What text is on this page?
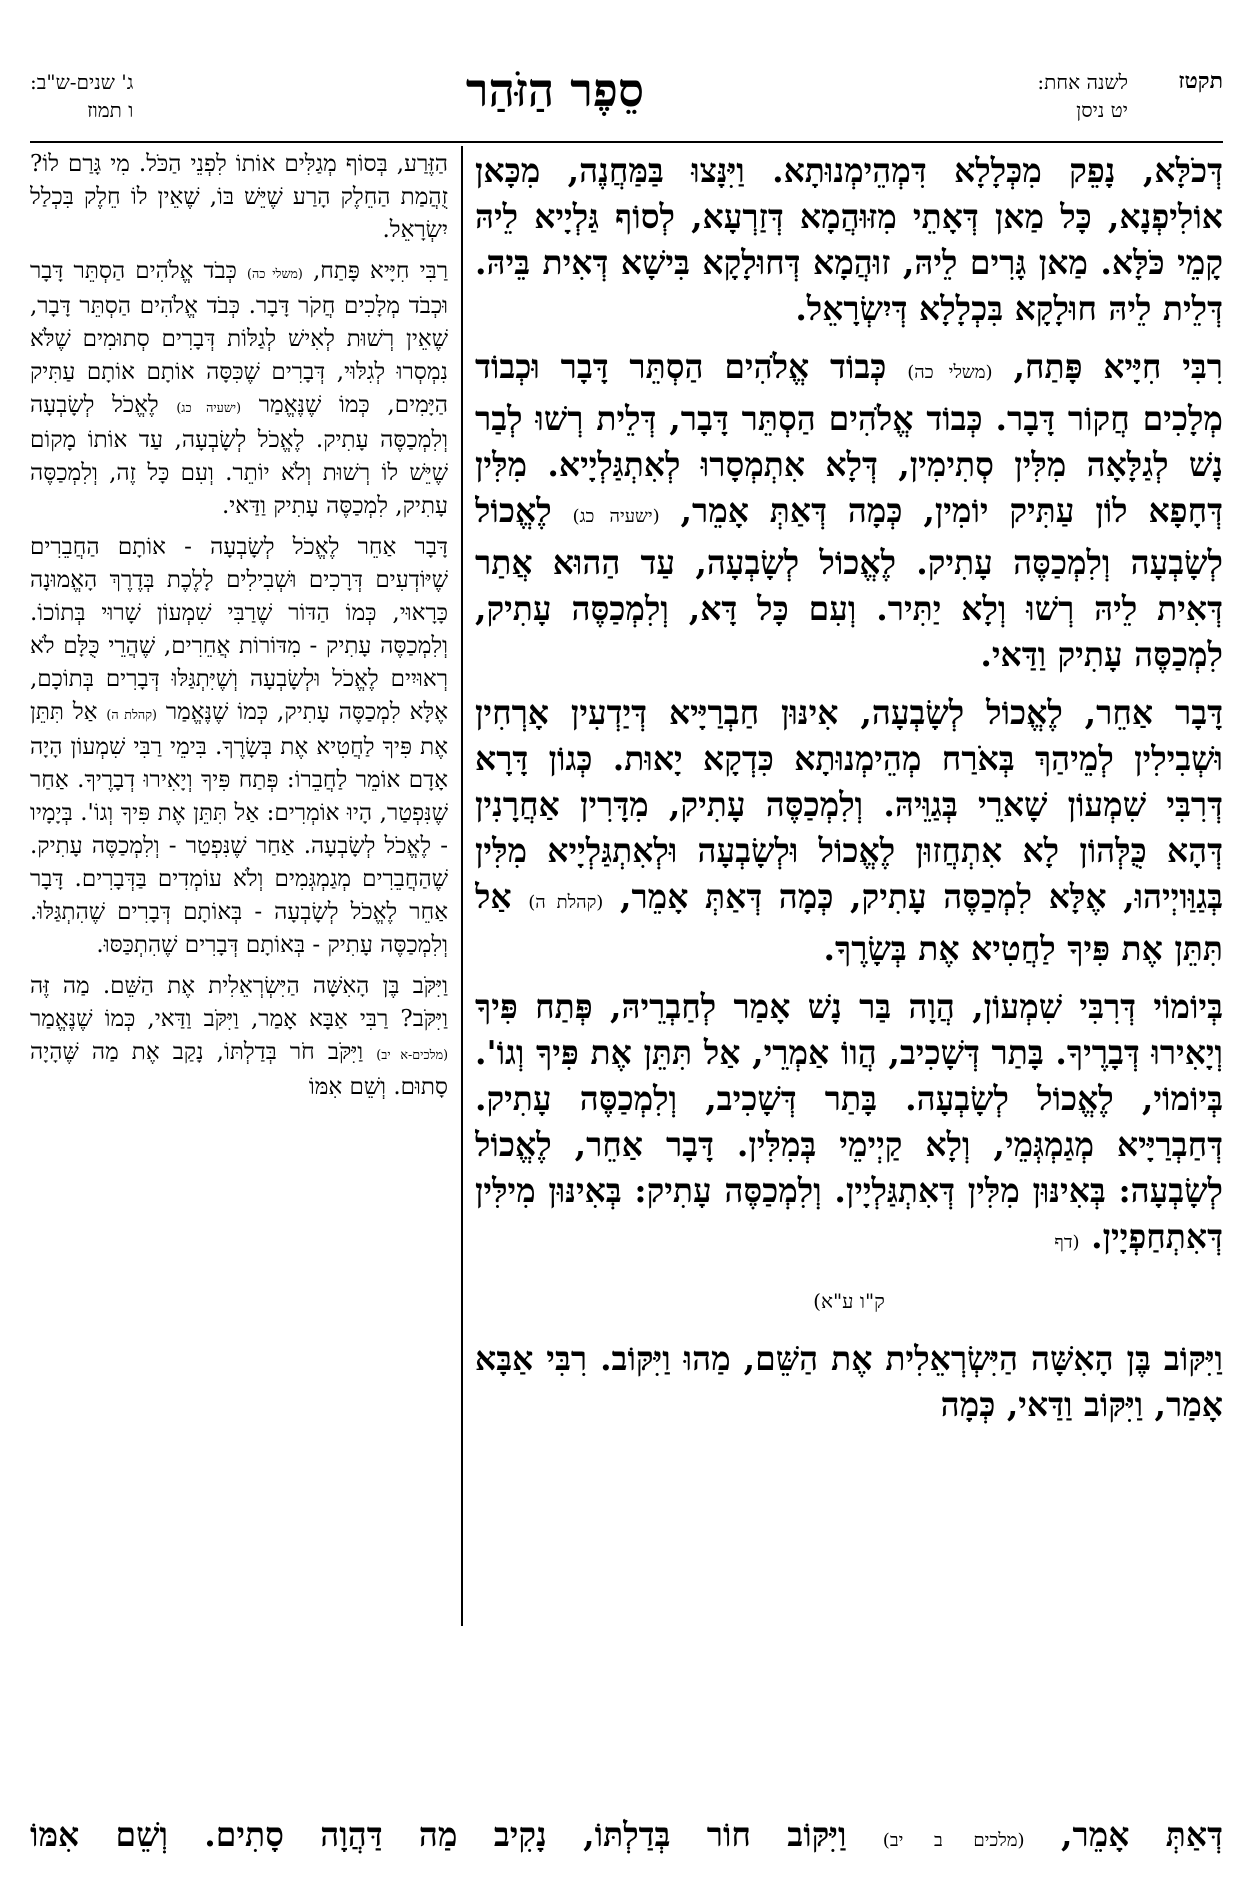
תקטז
לשנה אחת:
יט ניסן
סֵפֶר הַזֹּהַר
ג' שנים-ש"ב:
ו תמוז

דְּכֹלָּא, נָפֵק מִכְּלָלָא דִּמְהֵימְנוּתָא. וַיִּנָּצוּ בַּמַּחֲנֶה, מִכָּאן אוֹלִיפְנָא, כָּל מַאן דְּאָתֵי מִזּוּהֲמָא דְּזַרְעָא, לְסוֹף גַּלְיָיא לֵיהּ קָמֵי כֹּלָּא. מַאן גָּרִים לֵיהּ, זוּהֲמָא דְּחוּלָקָא בִּישָׁא דְּאִית בֵּיהּ. דְּלֵית לֵיהּ חוּלָקָא בִּכְלָלָא דְּיִשְׂרָאֵל.

רִבִּי חִיָּיא פָּתַח, (משלי כה) כְּבוֹד אֱלֹהִים הַסְתֵּר דָּבָר וּכְבוֹד מְלָכִים חֲקוֹר דָּבָר. כְּבוֹד אֱלֹהִים הַסְתֵּר דָּבָר, דְּלֵית רְשׁוּ לְבַר נָשׁ לְגַלָּאָה מִלִּין סְתִימִין, דְּלָא אִתְמְסָרוּ לְאִתְגַּלְיָיא. מִלִּין דְּחָפָא לוֹן עַתִּיק יוֹמִין, כְּמָה דְּאַתְּ אָמֵר, (ישעיה כג) לֶאֱכוֹל לְשָׂבְעָה וְלִמְכַסֶּה עָתִיק. לֶאֱכוֹל לְשָׂבְעָה, עַד הַהוּא אֲתַר דְּאִית לֵיהּ רְשׁוּ וְלָא יַתִּיר. וְעִם כָּל דָּא, וְלִמְכַסֶּה עָתִיק, לִמְכַסֶּה עָתִיק וַדַּאי.

דָּבָר אַחֵר, לֶאֱכוֹל לְשָׂבְעָה, אִינּוּן חַבְרַיָּיא דְּיַדְעִין אָרְחִין וּשְׁבִילִין לְמֵיהַךְ בְּאֹרַח מְהֵימְנוּתָא כִּדְקָא יָאוּת. כְּגוֹן דָּרָא דְּרִבִּי שִׁמְעוֹן שָׁארֵי בְּגַוֵּיהּ. וְלִמְכַסֶּה עָתִיק, מִדָּרִין אַחֲרָנִין דְּהָא כֻּלְּהוֹן לָא אִתְחֲזוּן לֶאֱכוֹל וּלְשָׂבְעָה וּלְאִתְגַּלְיָיא מִלִּין בְּגַוַּויְיהוּ, אֶלָּא לִמְכַסֶּה עָתִיק, כְּמָה דְּאַתְּ אָמֵר, (קהלת ה) אַל תִּתֵּן אֶת פִּיךָ לַחֲטִיא אֶת בְּשָׂרֶךָ.

בְּיוֹמוֹי דְּרִבִּי שִׁמְעוֹן, הֲוָה בַּר נָשׁ אָמַר לְחַבְרֵיהּ, פְּתַח פִּיךָ וְיָאִירוּ דְּבָרֶיךָ. בָּתַר דְּשָׁכִיב, הֲווֹ אַמְרֵי, אַל תִּתֵּן אֶת פִּיךָ וְגוֹ'. בְּיוֹמוֹי, לֶאֱכוֹל לְשָׂבְעָה. בָּתַר דְּשָׁכִיב, וְלִמְכַסֶּה עָתִיק. דְּחַבְרַיָּיא מְגַמְגְּמֵי, וְלָא קַיְימֵי בְּמִלִּין. דָּבָר אַחֵר, לֶאֱכוֹל לְשָׂבְעָה: בְּאִינּוּן מִלִּין דְּאִתְגַּלְיָין. וְלִמְכַסֶּה עָתִיק: בְּאִינּוּן מִילִּין דְּאִתְחַפְיָין. (דף

ק"ו ע"א)

וַיִּקּוֹב בֶּן הָאִשָּׁה הַיִּשְׂרְאֵלִית אֶת הַשֵּׁם, מַהוּ וַיִּקּוֹב. רִבִּי אַבָּא אָמַר, וַיִּקּוֹב וַדַּאי, כְּמָה

הַזֶּרַע, בְּסוֹף מְגַלִּים אוֹתוֹ לִפְנֵי הַכֹּל. מִי גָּרַם לוֹ? זֻהֲמַת הַחֵלֶק הָרַע שֶׁיֵּשׁ בּוֹ, שֶׁאֵין לוֹ חֵלֶק בִּכְלַל יִשְׂרָאֵל.

רַבִּי חִיָּיא פָּתַח, (משלי כה) כְּבֹד אֱלֹהִים הַסְתֵּר דָּבָר וּכְבֹד מְלָכִים חֲקֹר דָּבָר. כְּבֹד אֱלֹהִים הַסְתֵּר דָּבָר, שֶׁאֵין רְשׁוּת לְאִישׁ לְגַלּוֹת דְּבָרִים סְתוּמִים שֶׁלֹּא נִמְסְרוּ לְגִלּוּי, דְּבָרִים שֶׁכִּסָּה אוֹתָם אוֹתָם עַתִּיק הַיָּמִים, כְּמוֹ שֶׁנֶּאֱמַר (ישעיה כג) לֶאֱכֹל לְשָׂבְעָה וְלִמְכַסֶּה עָתִיק. לֶאֱכֹל לְשָׂבְעָה, עַד אוֹתוֹ מָקוֹם שֶׁיֵּשׁ לוֹ רְשׁוּת וְלֹא יוֹתֵר. וְעִם כָּל זֶה, וְלִמְכַסֶּה עָתִיק, לִמְכַסֶּה עָתִיק וַדַּאי.

דָּבָר אַחֵר לֶאֱכֹל לְשָׂבְעָה - אוֹתָם הַחֲבֵרִים שֶׁיּוֹדְעִים דְּרָכִים וּשְׁבִילִים לָלֶכֶת בְּדֶרֶךְ הָאֱמוּנָה כָּרָאוּי, כְּמוֹ הַדּוֹר שֶׁרַבִּי שִׁמְעוֹן שָׁרוּי בְּתוֹכוֹ. וְלִמְכַסֶּה עָתִיק - מִדּוֹרוֹת אֲחֵרִים, שֶׁהֲרֵי כֻּלָּם לֹא רְאוּיִים לֶאֱכֹל וּלְשָׂבְעָה וְשֶׁיִּתְגַּלּוּ דְּבָרִים בְּתוֹכָם, אֶלָּא לִמְכַסֶּה עָתִיק, כְּמוֹ שֶׁנֶּאֱמַר (קהלת ה) אַל תִּתֵּן אֶת פִּיךָ לַחֲטִיא אֶת בְּשָׂרֶךָ. בִּימֵי רַבִּי שִׁמְעוֹן הָיָה אָדָם אוֹמֵר לַחֲבֵרוֹ: פְּתַח פִּיךָ וְיָאִירוּ דְבָרֶיךָ. אַחַר שֶׁנִּפְטַר, הָיוּ אוֹמְרִים: אַל תִּתֵּן אֶת פִּיךָ וְגוֹ'. בְּיָמָיו - לֶאֱכֹל לְשָׂבְעָה. אַחַר שֶׁנִּפְטַר - וְלִמְכַסֶּה עָתִיק. שֶׁהַחֲבֵרִים מְגַמְגְּמִים וְלֹא עוֹמְדִים בַּדְּבָרִים. דָּבָר אַחֵר לֶאֱכֹל לְשָׂבְעָה - בְּאוֹתָם דְּבָרִים שֶׁהִתְגַּלּוּ. וְלִמְכַסֶּה עָתִיק - בְּאוֹתָם דְּבָרִים שֶׁהִתְכַּסּוּ.

וַיִּקֹּב בֶּן הָאִשָּׁה הַיִּשְׂרְאֵלִית אֶת הַשֵּׁם. מַה זֶּה וַיִּקֹּב? רַבִּי אַבָּא אָמַר, וַיִּקֹּב וַדַּאי, כְּמוֹ שֶׁנֶּאֱמַר (מלכים-א יב) וַיִּקֹּב חֹר בְּדַלְתּוֹ, נָקַב אֶת מַה שֶּׁהָיָה סָתוּם. וְשֵׁם אִמּוֹ

דְּאַתְּ אָמֵר, (מלכים ב יב) וַיִּקּוֹב חוֹר בְּדַלְתּוֹ, נָקִיב מַה דַּהֲוָה סָתִים. וְשֵׁם אִמּוֹ
